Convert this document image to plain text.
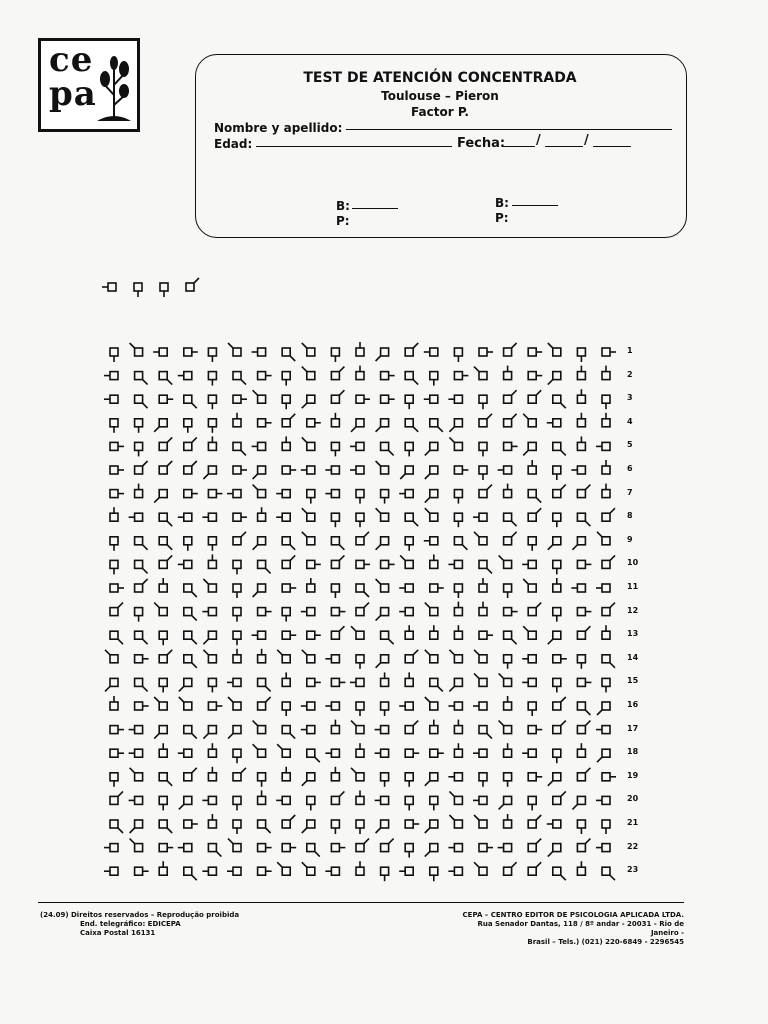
ce
pa	TEST DE ATENCIÓN CONCENTRADA
Toulouse – Pieron
Factor P.
Nombre y apellido:
Edad:	Fecha: /	/
B:
P:
B:
P:
1
2
3
4
5
6
7
8
9
10
11
12
13
14
15
16
17
18
19
20
21
22
23
(24.09) Direitos reservados – Reprodução proibida
End. telegráfico: EDICEPA
Caixa Postal 16131
CEPA – CENTRO EDITOR DE PSICOLOGIA APLICADA LTDA.
Rua Senador Dantas, 118 / 8º andar - 20031 - Rio de Janeiro -
Brasil – Tels.) (021) 220-6849 - 2296545
